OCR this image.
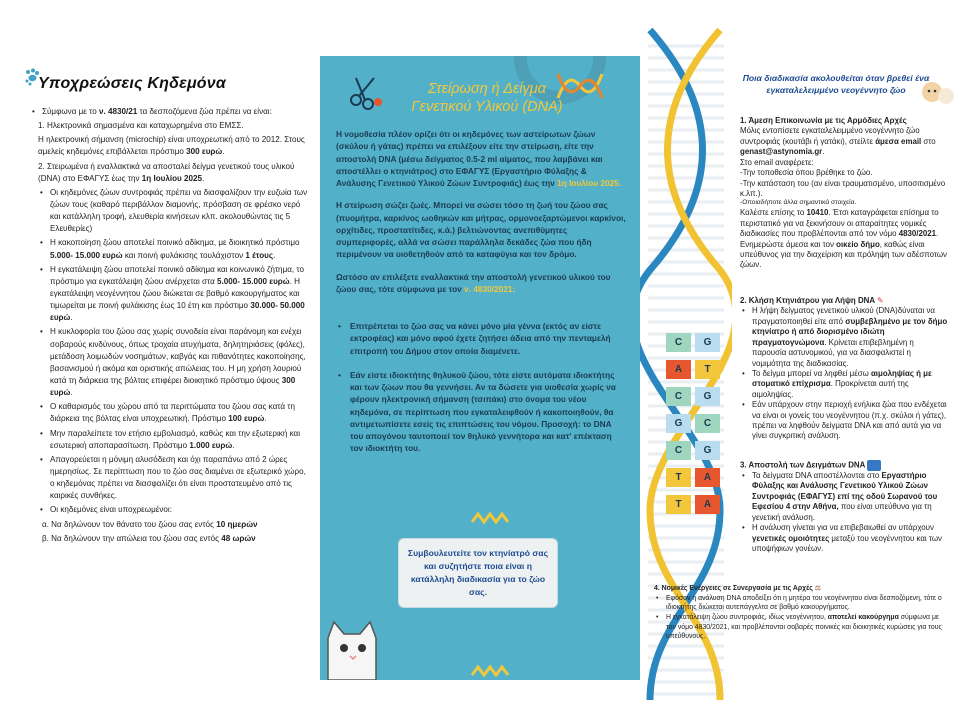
Υποχρεώσεις Κηδεμόνα
• Σύμφωνα με το ν. 4830/21 τα δεσποζόμενα ζώα πρέπει να είναι:
1. Ηλεκτρονικά σημασμένα και καταχωρημένα στο ΕΜΣΣ.
Η ηλεκτρονική σήμανση (microchip) είναι υποχρεωτική από το 2012. Στους αμελείς κηδεμόνες επιβάλλεται πρόστιμο 300 ευρώ.
2. Στειρωμένα ή εναλλακτικά να αποσταλεί δείγμα γενετικού τους υλικού (DNA) στο ΕΦΑΓΥΣ έως την 1η Ιουλίου 2025.
• Οι κηδεμόνες ζώων συντροφιάς πρέπει να διασφαλίζουν την ευζωία των ζώων τους (καθαρό περιβάλλον διαμονής, πρόσβαση σε φρέσκο νερό και κατάλληλη τροφή, ελευθερία κινήσεων κλπ. ακολουθώντας τις 5 Ελευθερίες)
• Η κακοποίηση ζώου αποτελεί ποινικό αδίκημα, με διοικητικό πρόστιμο 5.000- 15.000 ευρώ και ποινή φυλάκισης τουλάχιστον 1 έτους.
• Η εγκατάλειψη ζώου αποτελεί ποινικό αδίκημα και κοινωνικό ζήτημα, το πρόστιμο για εγκατάλειψη ζώου ανέρχεται στα 5.000- 15.000 ευρώ. Η εγκατάλειψη νεογέννητου ζώου διώκεται σε βαθμό κακουργήματος και τιμωρείται με ποινή φυλάκισης έως 10 έτη και πρόστιμο 30.000- 50.000 ευρώ.
• Η κυκλοφορία του ζώου σας χωρίς συνοδεία είναι παράνομη και ενέχει σοβαρούς κινδύνους, όπως τροχαία ατυχήματα, δηλητηριάσεις (φόλες), μετάδοση λοιμωδών νοσημάτων, καβγάς και πιθανότητες κακοποίησης, βασανισμού ή ακόμα και οριστικής απώλειας του. Η μη χρήση λουριού κατά τη διάρκεια της βόλτας επιφέρει διοικητικό πρόστιμο ύψους 300 ευρώ.
• Ο καθαρισμός του χώρου από τα περιττώματα του ζώου σας κατά τη διάρκεια της βόλτας είναι υποχρεωτική. Πρόστιμο 100 ευρώ.
• Μην παραλείπετε τον ετήσιο εμβολιασμό, καθώς και την εξωτερική και εσωτερική αποπαρασίτωση. Πρόστιμο 1.000 ευρώ.
• Απαγορεύεται η μόνιμη αλυσόδεση και όχι παραπάνω από 2 ώρες ημερησίως. Σε περίπτωση που το ζώο σας διαμένει σε εξωτερικό χώρο, ο κηδεμόνας πρέπει να διασφαλίζει ότι είναι προστατευμένο από τις καιρικές συνθήκες.
• Οι κηδεμόνες είναι υποχρεωμένοι:
α. Να δηλώνουν τον θάνατο του ζώου σας εντός 10 ημερών
β. Να δηλώνουν την απώλεια του ζώου σας εντός 48 ωρών
Στείρωση ή Δείγμα
Γενετικού Υλικού (DNA)

Η νομοθεσία πλέον ορίζει ότι οι κηδεμόνες των αστείρωτων ζώων (σκύλου ή γάτας) πρέπει να επιλέξουν είτε την στείρωση, είτε την αποστολή DNA (μέσω δείγματος 0.5-2 ml αίματος, που λαμβάνει και αποστέλλει ο κτηνιάτρος) στο ΕΦΑΓΥΣ (Εργαστήριο Φύλαξης & Ανάλυσης Γενετικού Υλικού Ζώων Συντροφιάς) έως την 1η Ιουλίου 2025.

Η στείρωση σώζει ζωές. Μπορεί να σώσει τόσο τη ζωή του ζώου σας (πυομήτρα, καρκίνος ωοθηκών και μήτρας, ορμονοεξαρτώμενοι καρκίνοι, ορχίτιδες, προστατίτιδες, κ.ά.) βελτιώνοντας ανεπιθύμητες συμπεριφορές, αλλά να σώσει παράλληλα δεκάδες ζώα που ήδη περιμένουν να υιοθετηθούν από τα καταφύγια και τον δρόμο.

Ωστόσο αν επιλέξετε εναλλακτικά την αποστολή γενετικού υλικού του ζώου σας, τότε σύμφωνα με τον ν. 4830/2021:

• Επιτρέπεται το ζώο σας να κάνει μόνο μία γέννα (εκτός αν είστε εκτροφέας) και μόνο αφού έχετε ζητήσει άδεια από την πενταμελή επιτροπή του Δήμου στον οποία διαμένετε.
• Εάν είστε ιδιοκτήτης θηλυκού ζώου, τότε είστε αυτόματα ιδιοκτήτης και των ζώων που θα γεννήσει. Αν τα δώσετε για υιοθεσία χωρίς να φέρουν ηλεκτρονική σήμανση (τσιπάκι) στο όνομα του νέου κηδεμόνα, σε περίπτωση που εγκαταλειφθούν ή κακοποιηθούν, θα αντιμετωπίσετε εσείς τις επιπτώσεις του νόμου. Προσοχή: το DNA του απογόνου ταυτοποιεί τον θηλυκό γεννήτορα και κατ' επέκταση τον ιδιοκτήτη του.
Συμβουλευτείτε τον κτηνίατρό σας και συζητήστε ποια είναι η κατάλληλη διαδικασία για το ζώο σας.
C	G
A	T
C	G
G	C
C	G
T	A
T	A
Ποια διαδικασία ακολουθείται όταν βρεθεί ένα εγκαταλελειμμένο νεογέννητο ζώο
1. Άμεση Επικοινωνία με τις Αρμόδιες Αρχές
Μόλις εντοπίσετε εγκαταλελειμμένο νεογέννητο ζώο συντροφιάς (κουτάβι ή γατάκι), στείλτε άμεσα email στο genast@astynomia.gr.
Στο email αναφέρετε:
-Την τοποθεσία όπου βρέθηκε το ζώο.
-Την κατάσταση του (αν είναι τραυματισμένο, υποσιτισμένο κ.λπ.).
-Οποιαδήποτε άλλα σημαντικά στοιχεία.
Καλέστε επίσης το 10410. Έτσι καταγράφεται επίσημα το περιστατικό για να ξεκινήσουν οι απαραίτητες νομικές διαδικασίες που προβλέπονται από τον νόμο 4830/2021.
Ενημερώστε άμεσα και τον οικείο δήμο, καθώς είναι υπεύθυνος για την διαχείριση και πρόληψη των αδέσποτων ζώων.
2. Κλήση Κτηνιάτρου για Λήψη DNA ✎
• Η λήψη δείγματος γενετικού υλικού (DNA)δύναται να πραγματοποιηθεί είτε από συμβεβλημένο με τον δήμο κτηνίατρο ή από διορισμένο ιδιώτη πραγματογνώμονα. Κρίνεται επιβεβλημένη η παρουσία αστυνομικού, για να διασφαλιστεί η νομιμότητα της διαδικασίας.
• Το δείγμα μπορεί να ληφθεί μέσω αιμοληψίας ή με στοματικό επίχρισμα. Προκρίνεται αυτή της αιμοληψίας.
• Εάν υπάρχουν στην περιοχή ενήλικα ζώα που ενδέχεται να είναι οι γονείς του νεογέννητου (π.χ. σκύλοι ή γάτες), πρέπει να ληφθούν δείγματα DNA και από αυτά για να γίνει συγκριτική ανάλυση.
3. Αποστολή των Δειγμάτων DNA
• Τα δείγματα DNA αποστέλλονται στο Εργαστήριο Φύλαξης και Ανάλυσης Γενετικού Υλικού Ζώων Συντροφιάς (ΕΦΑΓΥΣ) επί της οδού Σωρανού του Εφεσίου 4 στην Αθήνα, που είναι υπεύθυνο για τη γενετική ανάλυση.
• Η ανάλυση γίνεται για να επιβεβαιωθεί αν υπάρχουν γενετικές ομοιότητες μεταξύ του νεογέννητου και των υποψήφιων γονέων.
4. Νομικές Ενέργειες σε Συνεργασία με τις Αρχές ⚖
• Εφόσον η ανάλυση DNA αποδείξει ότι η μητέρα του νεογέννητου είναι δεσποζόμενη, τότε ο ιδιοκτήτης διώκεται αυτεπάγγελτα σε βαθμό κακουργήματος.
• Η εγκατάλειψη ζώου συντροφιάς, ιδίως νεογέννητου, αποτελεί κακούργημα σύμφωνα με τον νόμο 4830/2021, και προβλέπονται σοβαρές ποινικές και διοικητικές κυρώσεις για τους υπεύθυνους.
